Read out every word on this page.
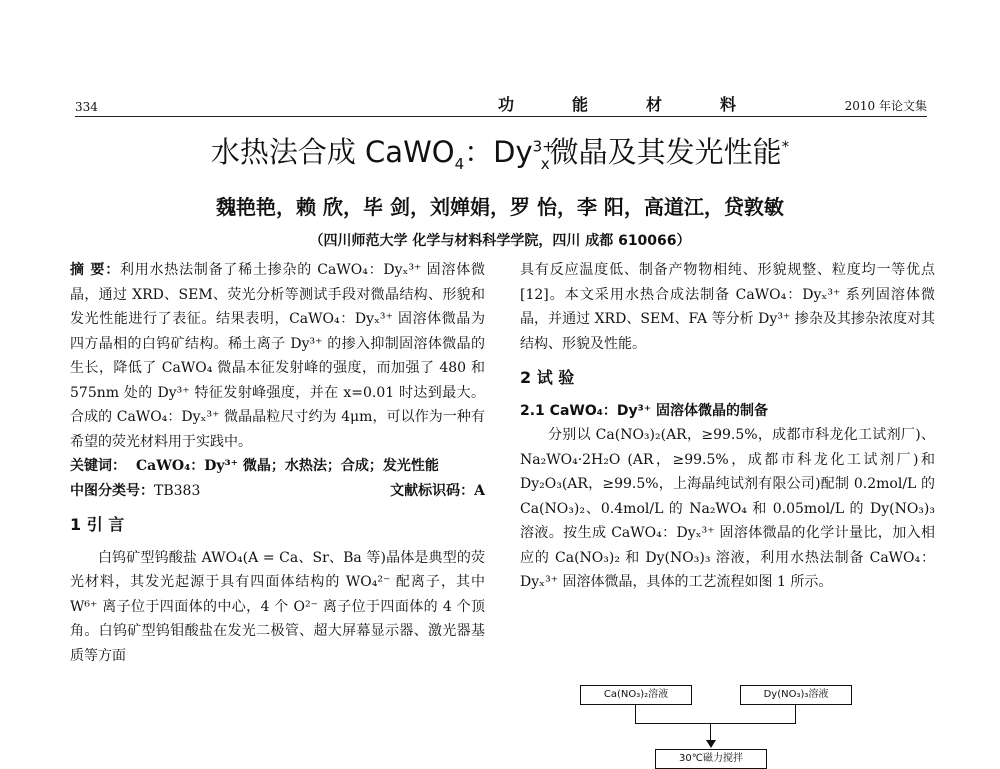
334	功能材料	2010 年论文集
水热法合成 CaWO$_4$：$Dy^{3+}_x$微晶及其发光性能*
魏艳艳，赖 欣，毕 剑，刘婵娟，罗 怡，李 阳，高道江，贷敦敏
（四川师范大学 化学与材料科学学院，四川 成都 610066）

摘 要：利用水热法制备了稀土掺杂的 CaWO₄：Dyₓ³⁺ 固溶体微晶，通过 XRD、SEM、荧光分析等测试手段对微晶结构、形貌和发光性能进行了表征。结果表明，CaWO₄：Dyₓ³⁺ 固溶体微晶为四方晶相的白钨矿结构。稀土离子 Dy³⁺ 的掺入抑制固溶体微晶的生长，降低了 CaWO₄ 微晶本征发射峰的强度，而加强了 480 和 575nm 处的 Dy³⁺ 特征发射峰强度，并在 x=0.01 时达到最大。合成的 CaWO₄：Dyₓ³⁺ 微晶晶粒尺寸约为 4μm，可以作为一种有希望的荧光材料用于实践中。

关键词： CaWO₄：Dy³⁺ 微晶；水热法；合成；发光性能
中图分类号：TB383	文献标识码：A

1 引 言

白钨矿型钨酸盐 AWO₄(A = Ca、Sr、Ba 等)晶体是典型的荧光材料，其发光起源于具有四面体结构的 WO₄²⁻ 配离子，其中 W⁶⁺ 离子位于四面体的中心，4 个 O²⁻ 离子位于四面体的 4 个顶角。白钨矿型钨钼酸盐在发光二极管、超大屏幕显示器、激光器基质等方面

具有反应温度低、制备产物物相纯、形貌规整、粒度均一等优点[12]。本文采用水热合成法制备 CaWO₄：Dyₓ³⁺ 系列固溶体微晶，并通过 XRD、SEM、FA 等分析 Dy³⁺ 掺杂及其掺杂浓度对其结构、形貌及性能。

2 试 验

2.1 CaWO₄：Dy³⁺ 固溶体微晶的制备

分别以 Ca(NO₃)₂(AR，≥99.5%，成都市科龙化工试剂厂)、Na₂WO₄·2H₂O (AR，≥99.5%，成都市科龙化工试剂厂)和 Dy₂O₃(AR，≥99.5%，上海晶纯试剂有限公司)配制 0.2mol/L 的 Ca(NO₃)₂、0.4mol/L 的 Na₂WO₄ 和 0.05mol/L 的 Dy(NO₃)₃ 溶液。按生成 CaWO₄：Dyₓ³⁺ 固溶体微晶的化学计量比，加入相应的 Ca(NO₃)₂ 和 Dy(NO₃)₃ 溶液，利用水热法制备 CaWO₄：Dyₓ³⁺ 固溶体微晶，具体的工艺流程如图 1 所示。

Ca(NO₃)₂溶液	Dy(NO₃)₃溶液
30℃磁力搅拌
